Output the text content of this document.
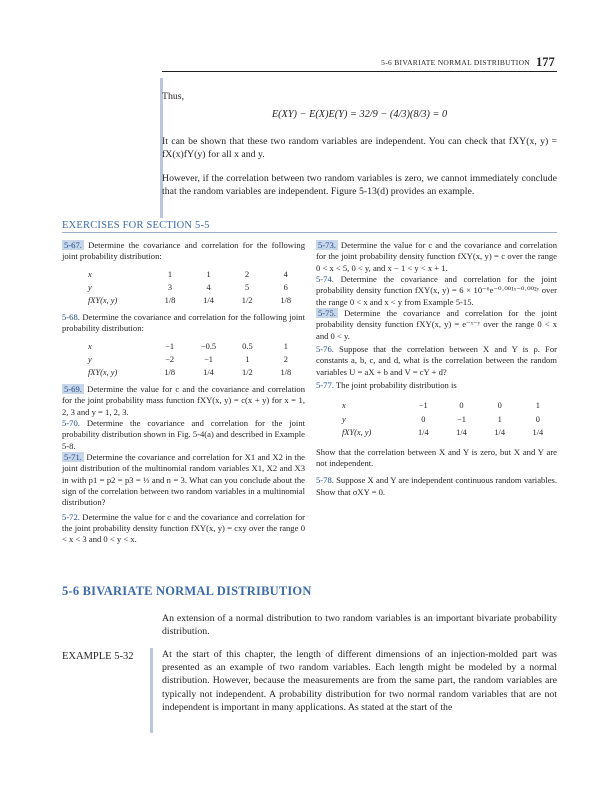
5-6 BIVARIATE NORMAL DISTRIBUTION 177
Thus,
E(XY) − E(X)E(Y) = 32/9 − (4/3)(8/3) = 0
It can be shown that these two random variables are independent. You can check that fXY(x, y) = fX(x)fY(y) for all x and y.
However, if the correlation between two random variables is zero, we cannot immediately conclude that the random variables are independent. Figure 5-13(d) provides an example.
EXERCISES FOR SECTION 5-5
5-67. Determine the covariance and correlation for the following joint probability distribution:
x	1	1	2	4
y	3	4	5	6
fXY(x, y)	1/8	1/4	1/2	1/8
5-68. Determine the covariance and correlation for the following joint probability distribution:
x	−1	−0.5	0.5	1
y	−2	−1	1	2
fXY(x, y)	1/8	1/4	1/2	1/8
5-69. Determine the value for c and the covariance and correlation for the joint probability mass function fXY(x, y) = c(x + y) for x = 1, 2, 3 and y = 1, 2, 3.
5-70. Determine the covariance and correlation for the joint probability distribution shown in Fig. 5-4(a) and described in Example 5-8.
5-71. Determine the covariance and correlation for X1 and X2 in the joint distribution of the multinomial random variables X1, X2 and X3 in with p1 = p2 = p3 = ⅓ and n = 3. What can you conclude about the sign of the correlation between two random variables in a multinomial distribution?
5-72. Determine the value for c and the covariance and correlation for the joint probability density function fXY(x, y) = cxy over the range 0 < x < 3 and 0 < y < x.
5-73. Determine the value for c and the covariance and correlation for the joint probability density function fXY(x, y) = c over the range 0 < x < 5, 0 < y, and x − 1 < y < x + 1.
5-74. Determine the covariance and correlation for the joint probability density function fXY(x, y) = 6 × 10⁻⁶e⁻⁰·⁰⁰¹ˣ⁻⁰·⁰⁰²ʸ over the range 0 < x and x < y from Example 5-15.
5-75. Determine the covariance and correlation for the joint probability density function fXY(x, y) = e⁻ˣ⁻ʸ over the range 0 < x and 0 < y.
5-76. Suppose that the correlation between X and Y is ρ. For constants a, b, c, and d, what is the correlation between the random variables U = aX + b and V = cY + d?
5-77. The joint probability distribution is
x	−1	0	0	1
y	0	−1	1	0
fXY(x, y)	1/4	1/4	1/4	1/4
Show that the correlation between X and Y is zero, but X and Y are not independent.
5-78. Suppose X and Y are independent continuous random variables. Show that σXY = 0.
5-6 BIVARIATE NORMAL DISTRIBUTION
An extension of a normal distribution to two random variables is an important bivariate probability distribution.
EXAMPLE 5-32	At the start of this chapter, the length of different dimensions of an injection-molded part was presented as an example of two random variables. Each length might be modeled by a normal distribution. However, because the measurements are from the same part, the random variables are typically not independent. A probability distribution for two normal random variables that are not independent is important in many applications. As stated at the start of the
